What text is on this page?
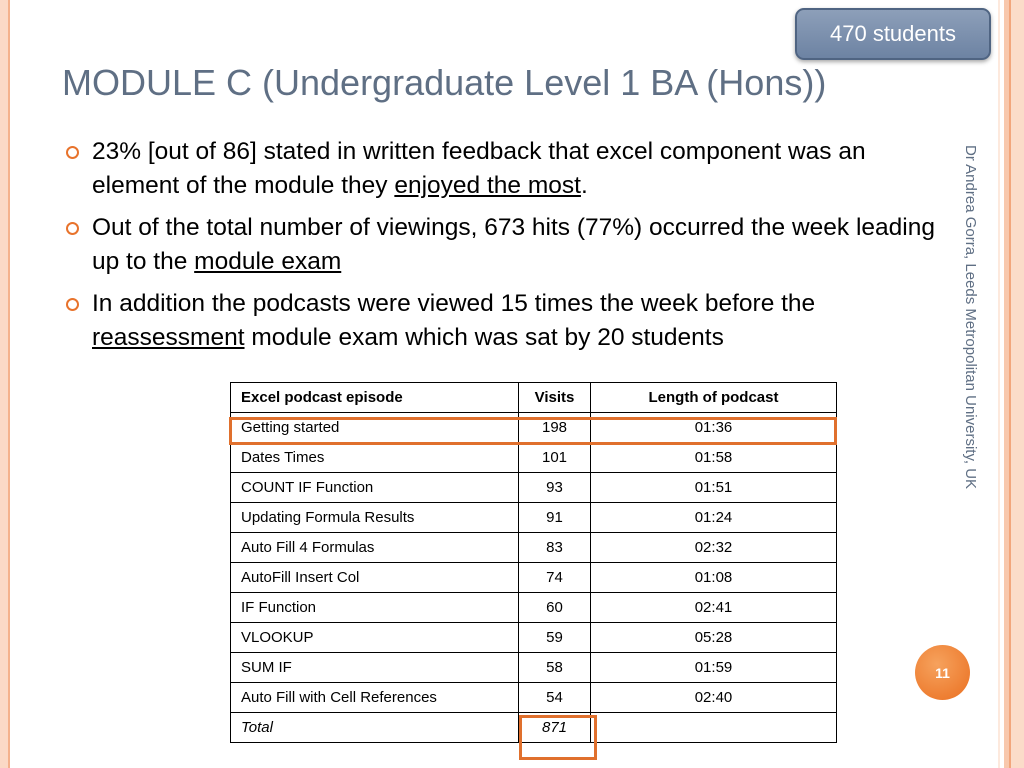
470 students
MODULE C (Undergraduate Level 1 BA (Hons))
23% [out of 86] stated in written feedback that excel component was an element of the module they enjoyed the most.
Out of the total number of viewings, 673 hits (77%) occurred the week leading up to the module exam
In addition the podcasts were viewed 15 times the week before the reassessment module exam which was sat by 20 students	Dr Andrea Gorra, Leeds Metropolitan University, UK
Excel podcast episode	Visits	Length of podcast
Getting started	198	01:36
Dates Times	101	01:58
COUNT IF Function	93	01:51
Updating Formula Results	91	01:24
Auto Fill 4 Formulas	83	02:32
AutoFill Insert Col	74	01:08
IF Function	60	02:41
VLOOKUP	59	05:28
SUM IF	58	01:59
Auto Fill with Cell References	54	02:40
Total	871	
11
